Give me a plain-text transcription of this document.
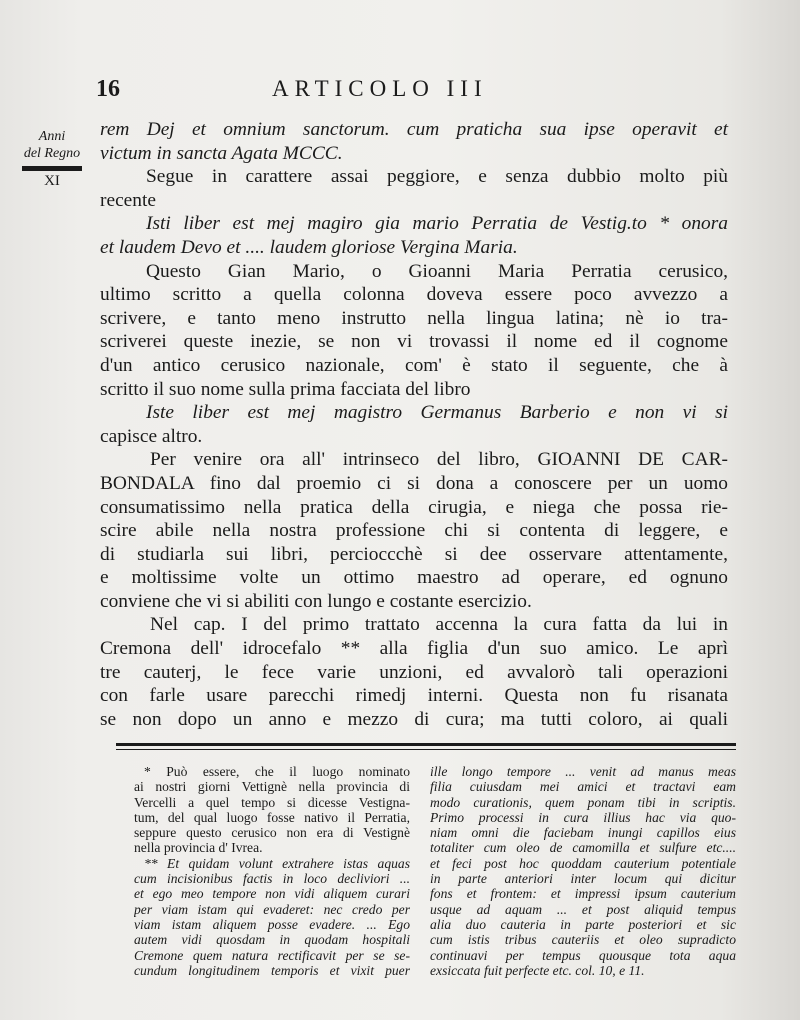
16	ARTICOLO III
Anni
del Regno
XI
rem Dej et omnium sanctorum. cum praticha sua ipse operavit et
victum in sancta Agata MCCC.
Segue in carattere assai peggiore, e senza dubbio molto più
recente
Isti liber est mej magiro gia mario Perratia de Vestig.to * onora
et laudem Devo et .... laudem gloriose Vergina Maria.
Questo Gian Mario, o Gioanni Maria Perratia cerusico,
ultimo scritto a quella colonna doveva essere poco avvezzo a
scrivere, e tanto meno instrutto nella lingua latina; nè io tra-
scriverei queste inezie, se non vi trovassi il nome ed il cognome
d'un antico cerusico nazionale, com' è stato il seguente, che à
scritto il suo nome sulla prima facciata del libro
Iste liber est mej magistro Germanus Barberio e non vi si
capisce altro.
Per venire ora all' intrinseco del libro, GIOANNI DE CAR-
BONDALA fino dal proemio ci si dona a conoscere per un uomo
consumatissimo nella pratica della cirugia, e niega che possa rie-
scire abile nella nostra professione chi si contenta di leggere, e
di studiarla sui libri, percioccchè si dee osservare attentamente,
e moltissime volte un ottimo maestro ad operare, ed ognuno
conviene che vi si abiliti con lungo e costante esercizio.
Nel cap. I del primo trattato accenna la cura fatta da lui in
Cremona dell' idrocefalo ** alla figlia d'un suo amico. Le aprì
tre cauterj, le fece varie unzioni, ed avvalorò tali operazioni
con farle usare parecchi rimedj interni. Questa non fu risanata
se non dopo un anno e mezzo di cura; ma tutti coloro, ai quali
* Può essere, che il luogo nominato
ai nostri giorni Vettignè nella provincia di
Vercelli a quel tempo si dicesse Vestigna-
tum, del qual luogo fosse nativo il Perratia,
seppure questo cerusico non era di Vestignè
nella provincia d' Ivrea.
** Et quidam volunt extrahere istas aquas
cum incisionibus factis in loco decliviori ...
et ego meo tempore non vidi aliquem curari
per viam istam qui evaderet: nec credo per
viam istam aliquem posse evadere. ... Ego
autem vidi quosdam in quodam hospitali
Cremone quem natura rectificavit per se se-
cundum longitudinem temporis et vixit puer
ille longo tempore ... venit ad manus meas
filia cuiusdam mei amici et tractavi eam
modo curationis, quem ponam tibi in scriptis.
Primo processi in cura illius hac via quo-
niam omni die faciebam inungi capillos eius
totaliter cum oleo de camomilla et sulfure etc....
et feci post hoc quoddam cauterium potentiale
in parte anteriori inter locum qui dicitur
fons et frontem: et impressi ipsum cauterium
usque ad aquam ... et post aliquid tempus
alia duo cauteria in parte posteriori et sic
cum istis tribus cauteriis et oleo supradicto
continuavi per tempus quousque tota aqua
exsiccata fuit perfecte etc. col. 10, e 11.
